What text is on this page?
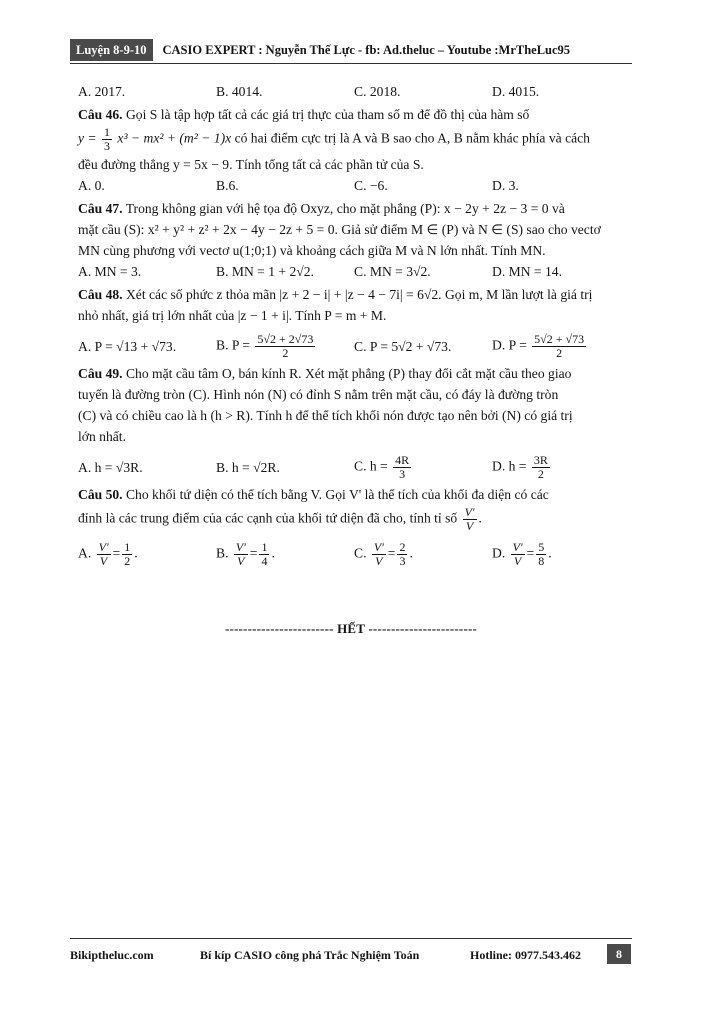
Luyện 8-9-10	CASIO EXPERT : Nguyễn Thế Lực - fb: Ad.theluc – Youtube :MrTheLuc95
A. 2017.	B. 4014.	C. 2018.	D. 4015.
Câu 46. Gọi S là tập hợp tất cả các giá trị thực của tham số m để đồ thị của hàm số
$y = \frac{1}{3} x^3 - mx^2 + (m^2 - 1)x$ có hai điểm cực trị là A và B sao cho A, B nằm khác phía và cách
đều đường thẳng y = 5x − 9. Tính tổng tất cả các phần tử của S.
A. 0.	B.6.	C. −6.	D. 3.
Câu 47. Trong không gian với hệ tọa độ Oxyz, cho mặt phẳng (P): x − 2y + 2z − 3 = 0 và
mặt cầu (S): x² + y² + z² + 2x − 4y − 2z + 5 = 0. Giả sử điểm M ∈ (P) và N ∈ (S) sao cho vectơ
MN cùng phương với vectơ u(1;0;1) và khoảng cách giữa M và N lớn nhất. Tính MN.
A. MN = 3.	B. MN = 1 + 2√2.	C. MN = 3√2.	D. MN = 14.
Câu 48. Xét các số phức z thỏa mãn |z + 2 − i| + |z − 4 − 7i| = 6√2. Gọi m, M lần lượt là giá trị
nhỏ nhất, giá trị lớn nhất của |z − 1 + i|. Tính P = m + M.
A. P = √13 + √73.	B. $P = \frac{5√2 + 2√73}{2}$	C. P = 5√2 + √73.	D. $P = \frac{5√2 + √73}{2}$
Câu 49. Cho mặt cầu tâm O, bán kính R. Xét mặt phẳng (P) thay đổi cắt mặt cầu theo giao
tuyến là đường tròn (C). Hình nón (N) có đỉnh S nằm trên mặt cầu, có đáy là đường tròn
(C) và có chiều cao là h (h > R). Tính h để thể tích khối nón được tạo nên bởi (N) có giá trị
lớn nhất.
A. h = √3R.	B. h = √2R.	C. $h = \frac{4R}{3}$	D. $h = \frac{3R}{2}$
Câu 50. Cho khối tứ diện có thể tích bằng V. Gọi V' là thể tích của khối đa diện có các
đỉnh là các trung điểm của các cạnh của khối tứ diện đã cho, tính tỉ số $\frac{V'}{V}$ .
A. $\frac{V'}{V} = \frac{1}{2}$ .	B. $\frac{V'}{V} = \frac{1}{4}$ .	C. $\frac{V'}{V} = \frac{2}{3}$ .	D. $\frac{V'}{V} = \frac{5}{8}$ .
------------------------ HẾT ------------------------
Bikiptheluc.com	Bí kíp CASIO công phá Trắc Nghiệm Toán	Hotline: 0977.543.462	8
